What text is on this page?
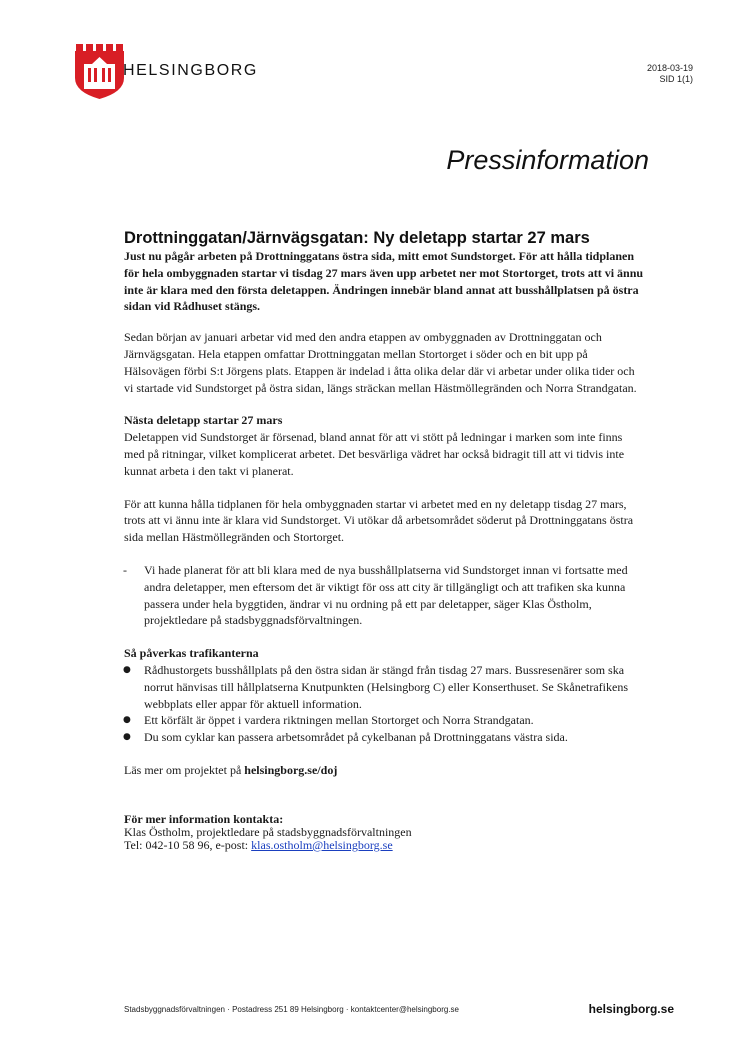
HELSINGBORG	2018-03-19
SID 1(1)
Pressinformation
Drottninggatan/Järnvägsgatan: Ny deletapp startar 27 mars
Just nu pågår arbeten på Drottninggatans östra sida, mitt emot Sundstorget. För att hålla tidplanen för hela ombyggnaden startar vi tisdag 27 mars även upp arbetet ner mot Stortorget, trots att vi ännu inte är klara med den första deletappen. Ändringen innebär bland annat att busshållplatsen på östra sidan vid Rådhuset stängs.

Sedan början av januari arbetar vid med den andra etappen av ombyggnaden av Drottninggatan och Järnvägsgatan. Hela etappen omfattar Drottninggatan mellan Stortorget i söder och en bit upp på Hälsovägen förbi S:t Jörgens plats. Etappen är indelad i åtta olika delar där vi arbetar under olika tider och vi startade vid Sundstorget på östra sidan, längs sträckan mellan Hästmöllegränden och Norra Strandgatan.

Nästa deletapp startar 27 mars

Deletappen vid Sundstorget är försenad, bland annat för att vi stött på ledningar i marken som inte finns med på ritningar, vilket komplicerat arbetet. Det besvärliga vädret har också bidragit till att vi tidvis inte kunnat arbeta i den takt vi planerat.

För att kunna hålla tidplanen för hela ombyggnaden startar vi arbetet med en ny deletapp tisdag 27 mars, trots att vi ännu inte är klara vid Sundstorget. Vi utökar då arbetsområdet söderut på Drottninggatans östra sida mellan Hästmöllegränden och Stortorget.

- Vi hade planerat för att bli klara med de nya busshållplatserna vid Sundstorget innan vi fortsatte med andra deletapper, men eftersom det är viktigt för oss att city är tillgängligt och att trafiken ska kunna passera under hela byggtiden, ändrar vi nu ordning på ett par deletapper, säger Klas Östholm, projektledare på stadsbyggnadsförvaltningen.
Så påverkas trafikanterna
● Rådhustorgets busshållplats på den östra sidan är stängd från tisdag 27 mars. Bussresenärer som ska norrut hänvisas till hållplatserna Knutpunkten (Helsingborg C) eller Konserthuset. Se Skånetrafikens webbplats eller appar för aktuell information.
● Ett körfält är öppet i vardera riktningen mellan Stortorget och Norra Strandgatan.
● Du som cyklar kan passera arbetsområdet på cykelbanan på Drottninggatans västra sida.
Läs mer om projektet på helsingborg.se/doj
För mer information kontakta:
Klas Östholm, projektledare på stadsbyggnadsförvaltningen
Tel: 042-10 58 96, e-post: klas.ostholm@helsingborg.se
Stadsbyggnadsförvaltningen · Postadress 251 89 Helsingborg · kontaktcenter@helsingborg.se	helsingborg.se
